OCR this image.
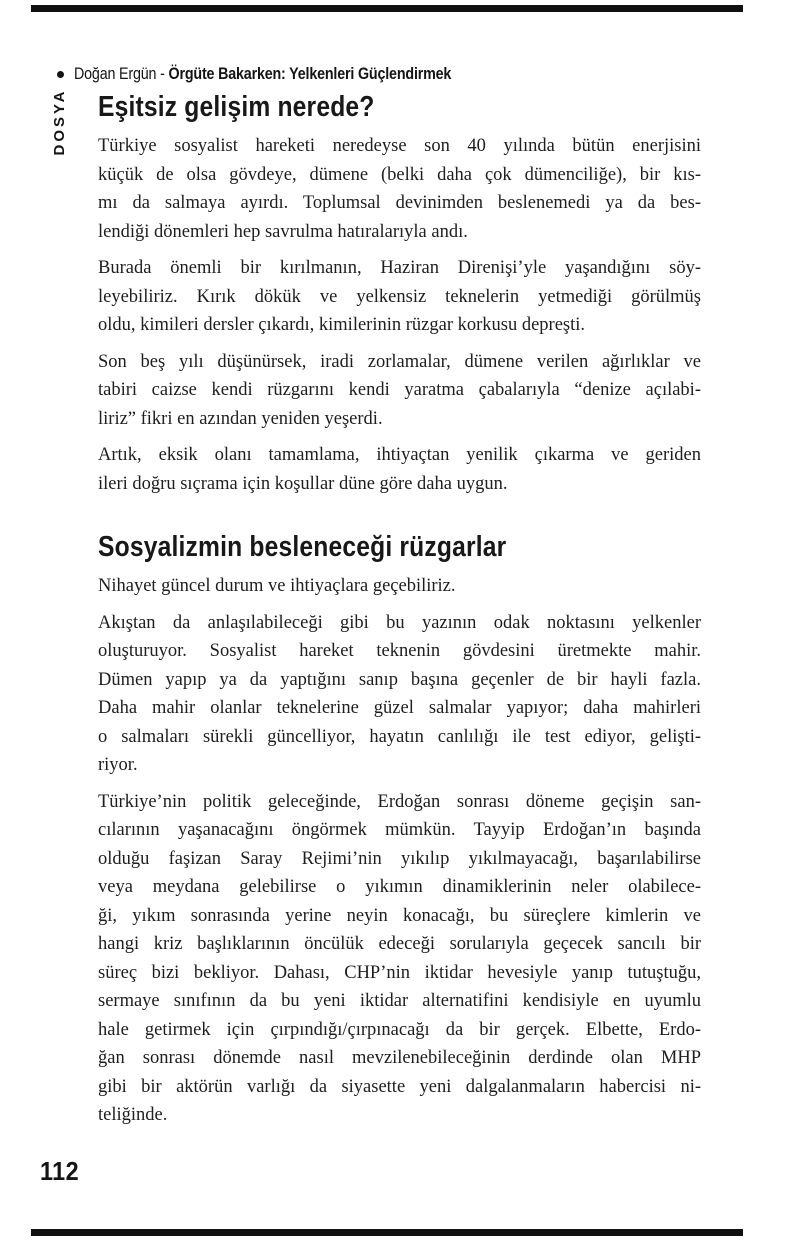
Doğan Ergün - Örgüte Bakarken: Yelkenleri Güçlendirmek
DOSYA Eşitsiz gelişim nerede?
Türkiye sosyalist hareketi neredeyse son 40 yılında bütün enerjisini
küçük de olsa gövdeye, dümene (belki daha çok dümenciliğe), bir kıs-
mı da salmaya ayırdı. Toplumsal devinimden beslenemedi ya da bes-
lendiği dönemleri hep savrulma hatıralarıyla andı.
Burada önemli bir kırılmanın, Haziran Direnişi’yle yaşandığını söy-
leyebiliriz. Kırık dökük ve yelkensiz teknelerin yetmediği görülmüş
oldu, kimileri dersler çıkardı, kimilerinin rüzgar korkusu depreşti.
Son beş yılı düşünürsek, iradi zorlamalar, dümene verilen ağırlıklar ve
tabiri caizse kendi rüzgarını kendi yaratma çabalarıyla “denize açılabi-
liriz” fikri en azından yeniden yeşerdi.
Artık, eksik olanı tamamlama, ihtiyaçtan yenilik çıkarma ve geriden
ileri doğru sıçrama için koşullar düne göre daha uygun.
Sosyalizmin besleneceği rüzgarlar
Nihayet güncel durum ve ihtiyaçlara geçebiliriz.
Akıştan da anlaşılabileceği gibi bu yazının odak noktasını yelkenler
oluşturuyor. Sosyalist hareket teknenin gövdesini üretmekte mahir.
Dümen yapıp ya da yaptığını sanıp başına geçenler de bir hayli fazla.
Daha mahir olanlar teknelerine güzel salmalar yapıyor; daha mahirleri
o salmaları sürekli güncelliyor, hayatın canlılığı ile test ediyor, gelişti-
riyor.
Türkiye’nin politik geleceğinde, Erdoğan sonrası döneme geçişin san-
cılarının yaşanacağını öngörmek mümkün. Tayyip Erdoğan’ın başında
olduğu faşizan Saray Rejimi’nin yıkılıp yıkılmayacağı, başarılabilirse
veya meydana gelebilirse o yıkımın dinamiklerinin neler olabilece-
ği, yıkım sonrasında yerine neyin konacağı, bu süreçlere kimlerin ve
hangi kriz başlıklarının öncülük edeceği sorularıyla geçecek sancılı bir
süreç bizi bekliyor. Dahası, CHP’nin iktidar hevesiyle yanıp tutuştuğu,
sermaye sınıfının da bu yeni iktidar alternatifini kendisiyle en uyumlu
hale getirmek için çırpındığı/çırpınacağı da bir gerçek. Elbette, Erdo-
ğan sonrası dönemde nasıl mevzilenebileceğinin derdinde olan MHP
gibi bir aktörün varlığı da siyasette yeni dalgalanmaların habercisi ni-
teliğinde.
112
